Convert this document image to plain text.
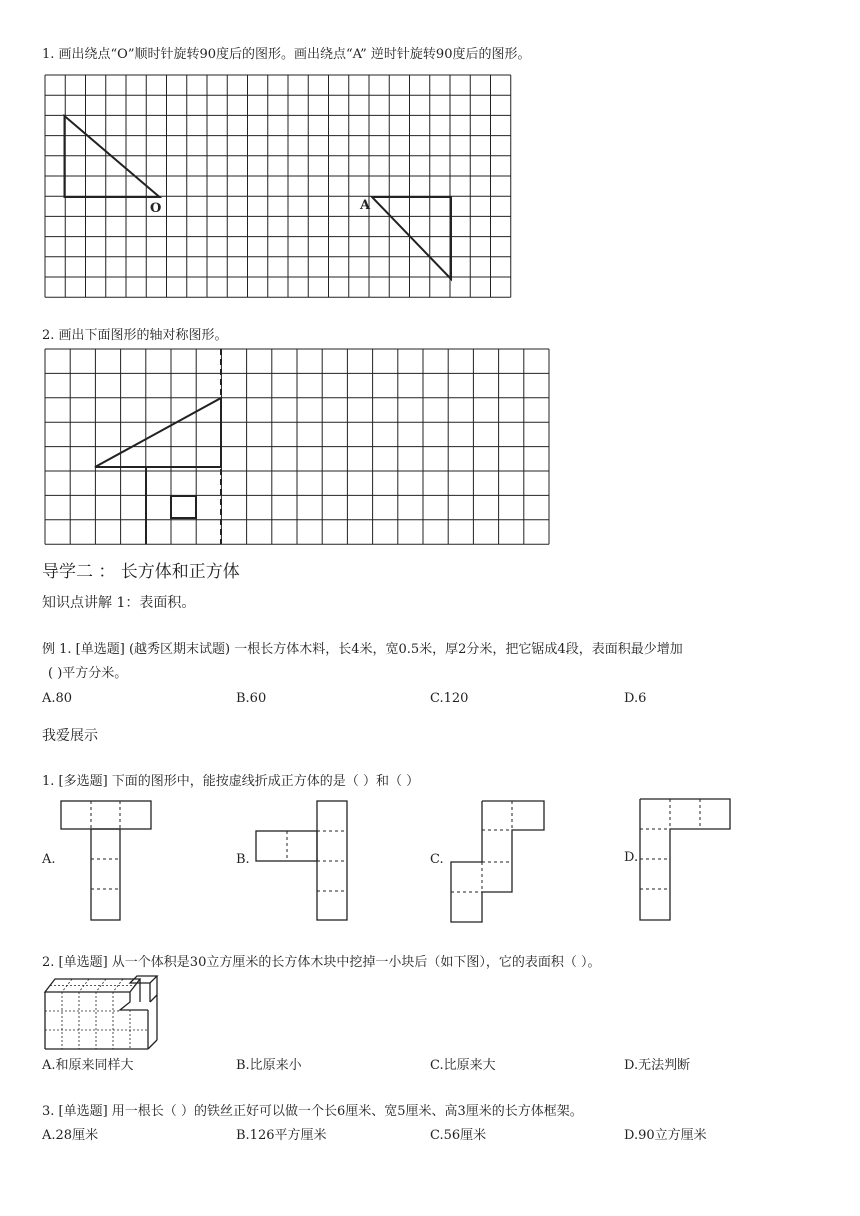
1. 画出绕点“O”顺时针旋转90度后的图形。画出绕点“A” 逆时针旋转90度后的图形。
O	A
2. 画出下面图形的轴对称图形。
导学二 ： 长方体和正方体
知识点讲解 1：表面积。
例 1. [单选题] (越秀区期末试题) 一根长方体木料，长4米，宽0.5米，厚2分米，把它锯成4段，表面积最少增加
( )平方分米。
A.80	B.60	C.120	D.6
我爱展示
1. [多选题] 下面的图形中，能按虚线折成正方体的是（ ）和（ ）
A.	B.	C.	D.
2. [单选题] 从一个体积是30立方厘米的长方体木块中挖掉一小块后（如下图），它的表面积（ ）。
A.和原来同样大	B.比原来小	C.比原来大	D.无法判断
3. [单选题] 用一根长（ ）的铁丝正好可以做一个长6厘米、宽5厘米、高3厘米的长方体框架。
A.28厘米	B.126平方厘米	C.56厘米	D.90立方厘米
